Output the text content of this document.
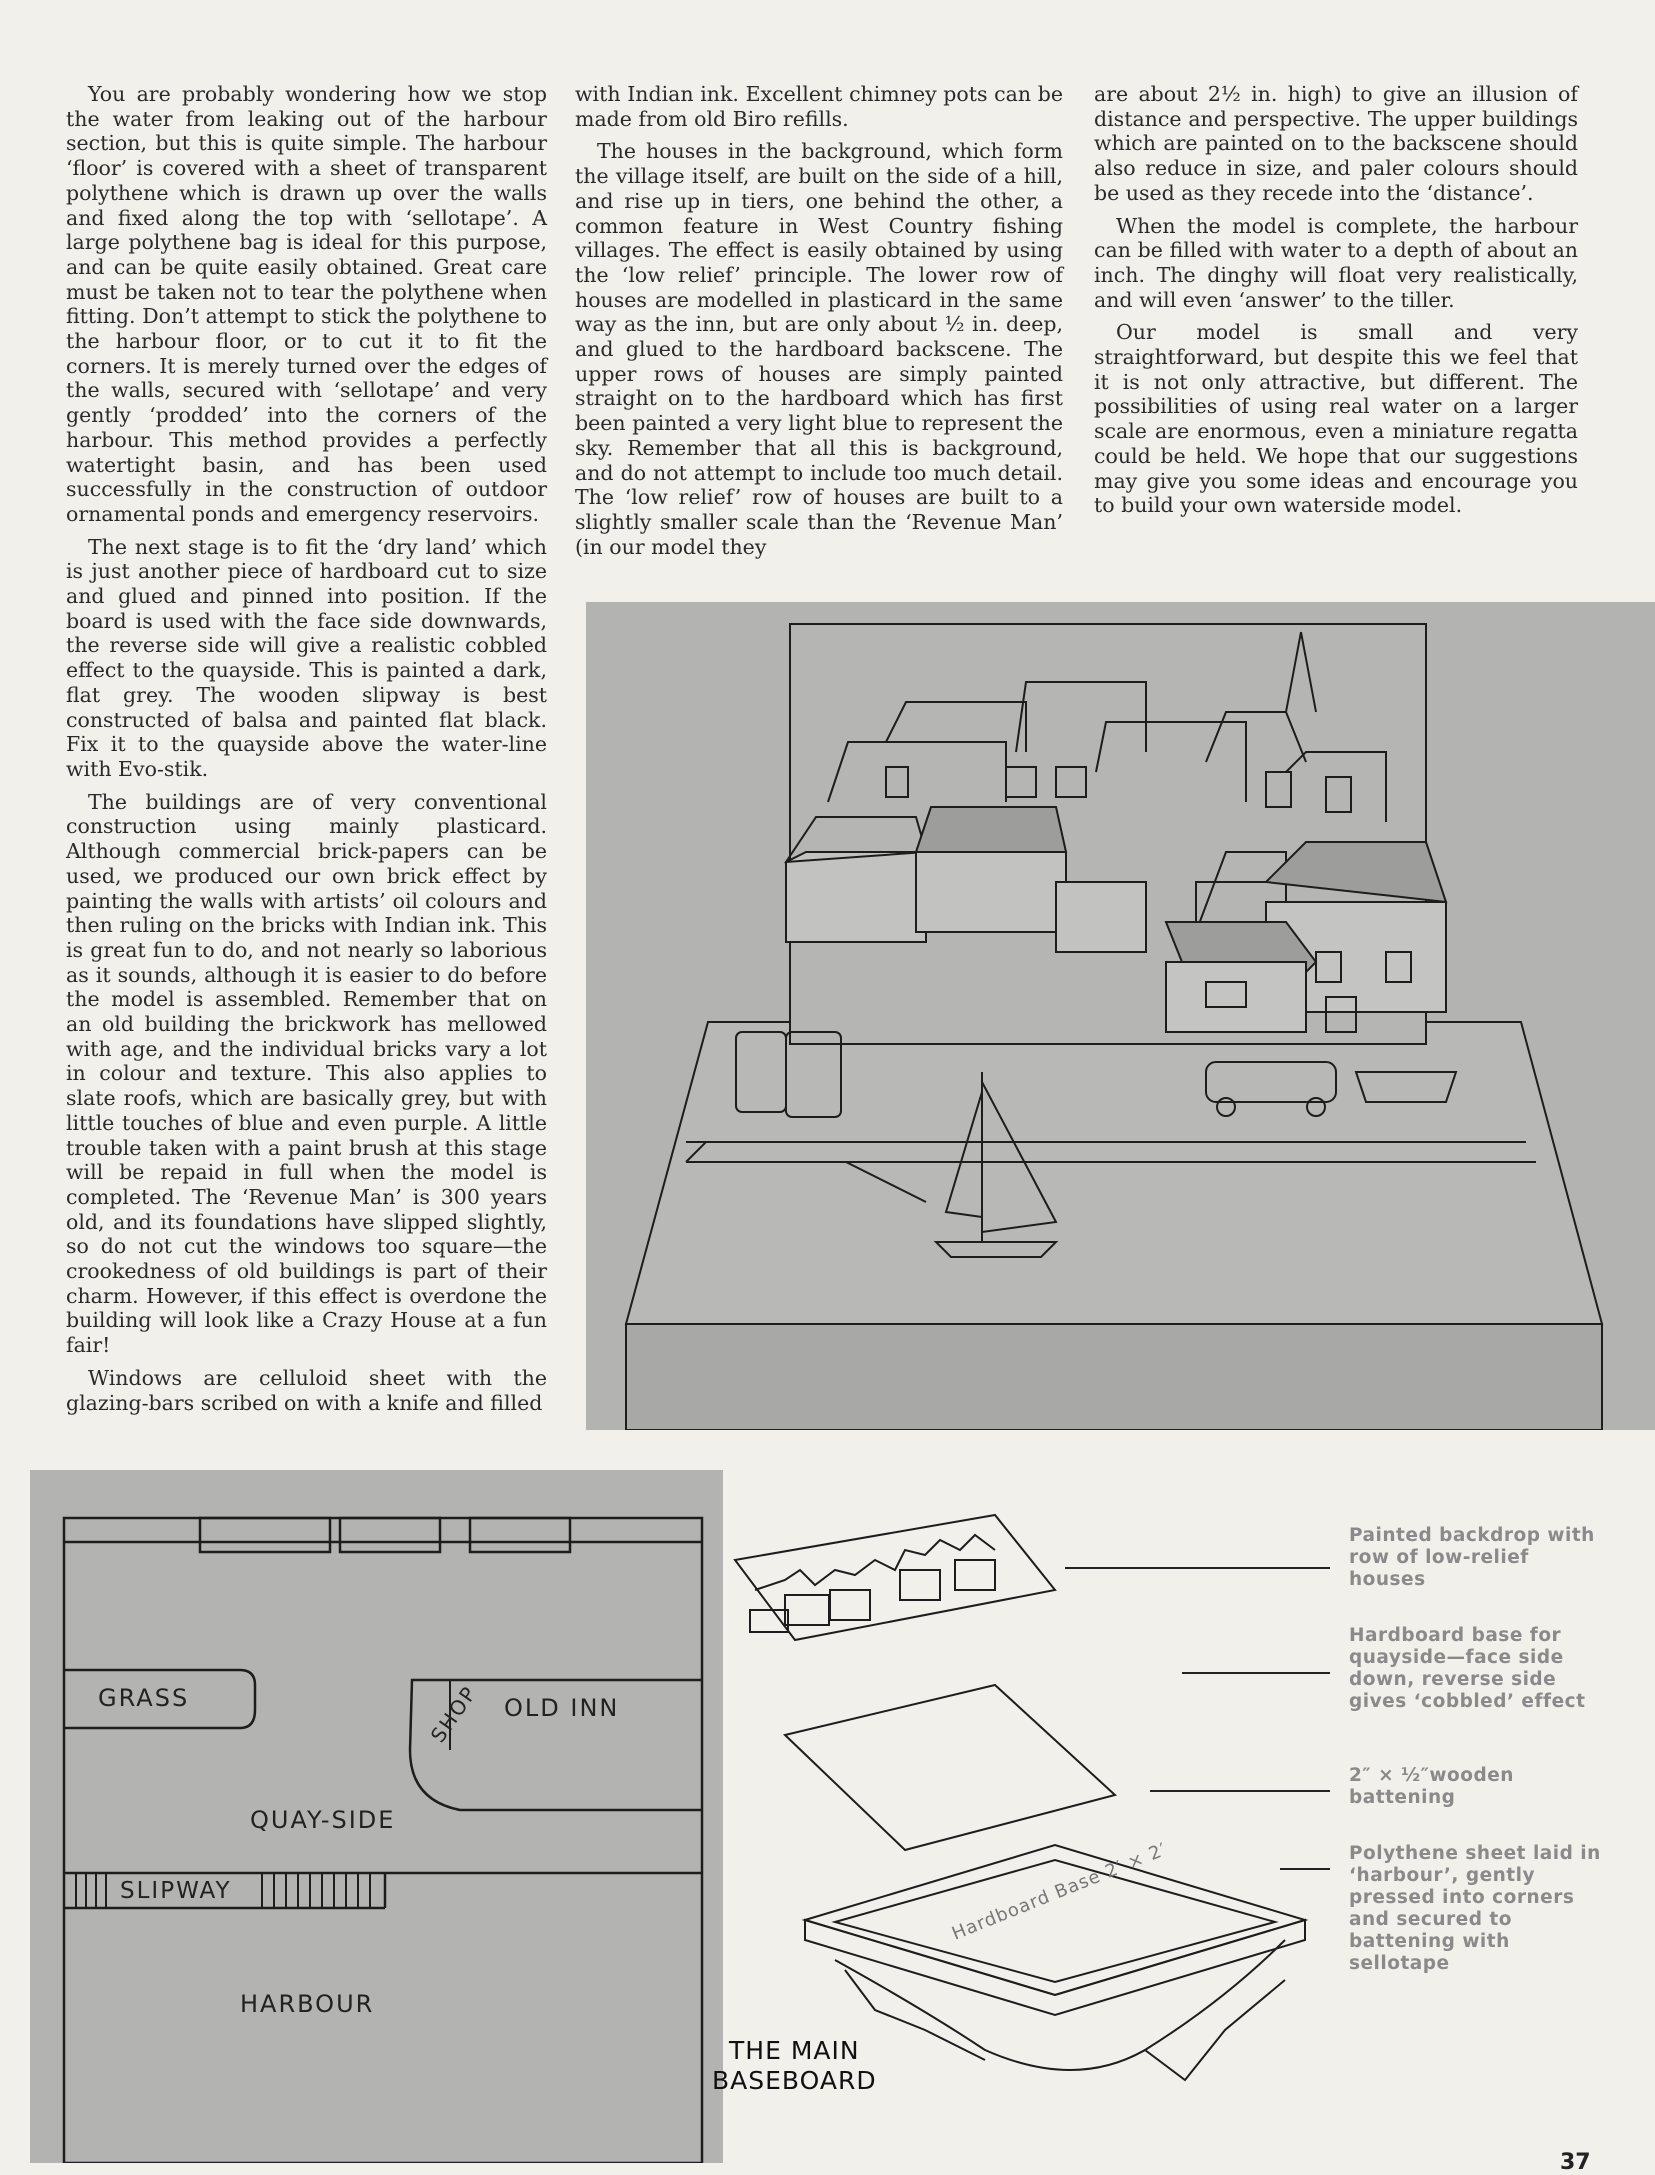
You are probably wondering how we stop the water from leaking out of the harbour section, but this is quite simple. The harbour ‘floor’ is covered with a sheet of transparent polythene which is drawn up over the walls and fixed along the top with ‘sellotape’. A large polythene bag is ideal for this purpose, and can be quite easily obtained. Great care must be taken not to tear the polythene when fitting. Don’t attempt to stick the polythene to the harbour floor, or to cut it to fit the corners. It is merely turned over the edges of the walls, secured with ‘sellotape’ and very gently ‘prodded’ into the corners of the harbour. This method provides a perfectly watertight basin, and has been used successfully in the construction of outdoor ornamental ponds and emergency reservoirs.

The next stage is to fit the ‘dry land’ which is just another piece of hardboard cut to size and glued and pinned into position. If the board is used with the face side downwards, the reverse side will give a realistic cobbled effect to the quayside. This is painted a dark, flat grey. The wooden slipway is best constructed of balsa and painted flat black. Fix it to the quayside above the water-line with Evo-stik.

The buildings are of very conventional construction using mainly plasticard. Although commercial brick-papers can be used, we produced our own brick effect by painting the walls with artists’ oil colours and then ruling on the bricks with Indian ink. This is great fun to do, and not nearly so laborious as it sounds, although it is easier to do before the model is assembled. Remember that on an old building the brickwork has mellowed with age, and the individual bricks vary a lot in colour and texture. This also applies to slate roofs, which are basically grey, but with little touches of blue and even purple. A little trouble taken with a paint brush at this stage will be repaid in full when the model is completed. The ‘Revenue Man’ is 300 years old, and its foundations have slipped slightly, so do not cut the windows too square—the crookedness of old buildings is part of their charm. However, if this effect is overdone the building will look like a Crazy House at a fun fair!

Windows are celluloid sheet with the glazing-bars scribed on with a knife and filled

with Indian ink. Excellent chimney pots can be made from old Biro refills.

The houses in the background, which form the village itself, are built on the side of a hill, and rise up in tiers, one behind the other, a common feature in West Country fishing villages. The effect is easily obtained by using the ‘low relief’ principle. The lower row of houses are modelled in plasticard in the same way as the inn, but are only about ½ in. deep, and glued to the hardboard backscene. The upper rows of houses are simply painted straight on to the hardboard which has first been painted a very light blue to represent the sky. Remember that all this is background, and do not attempt to include too much detail. The ‘low relief’ row of houses are built to a slightly smaller scale than the ‘Revenue Man’ (in our model they

are about 2½ in. high) to give an illusion of distance and perspective. The upper buildings which are painted on to the backscene should also reduce in size, and paler colours should be used as they recede into the ‘distance’.

When the model is complete, the harbour can be filled with water to a depth of about an inch. The dinghy will float very realistically, and will even ‘answer’ to the tiller.

Our model is small and very straightforward, but despite this we feel that it is not only attractive, but different. The possibilities of using real water on a larger scale are enormous, even a miniature regatta could be held. We hope that our suggestions may give you some ideas and encourage you to build your own waterside model.

GRASS	SHOP OLD INN
QUAY-SIDE
SLIPWAY
HARBOUR
Hardboard Base 2′ × 2′
Painted backdrop with row of low-relief houses
Hardboard base for quayside—face side down, reverse side gives ‘cobbled’ effect
2″ × ½″wooden battening
Polythene sheet laid in ‘harbour’, gently pressed into corners and secured to battening with sellotape
THE MAIN
BASEBOARD
37
